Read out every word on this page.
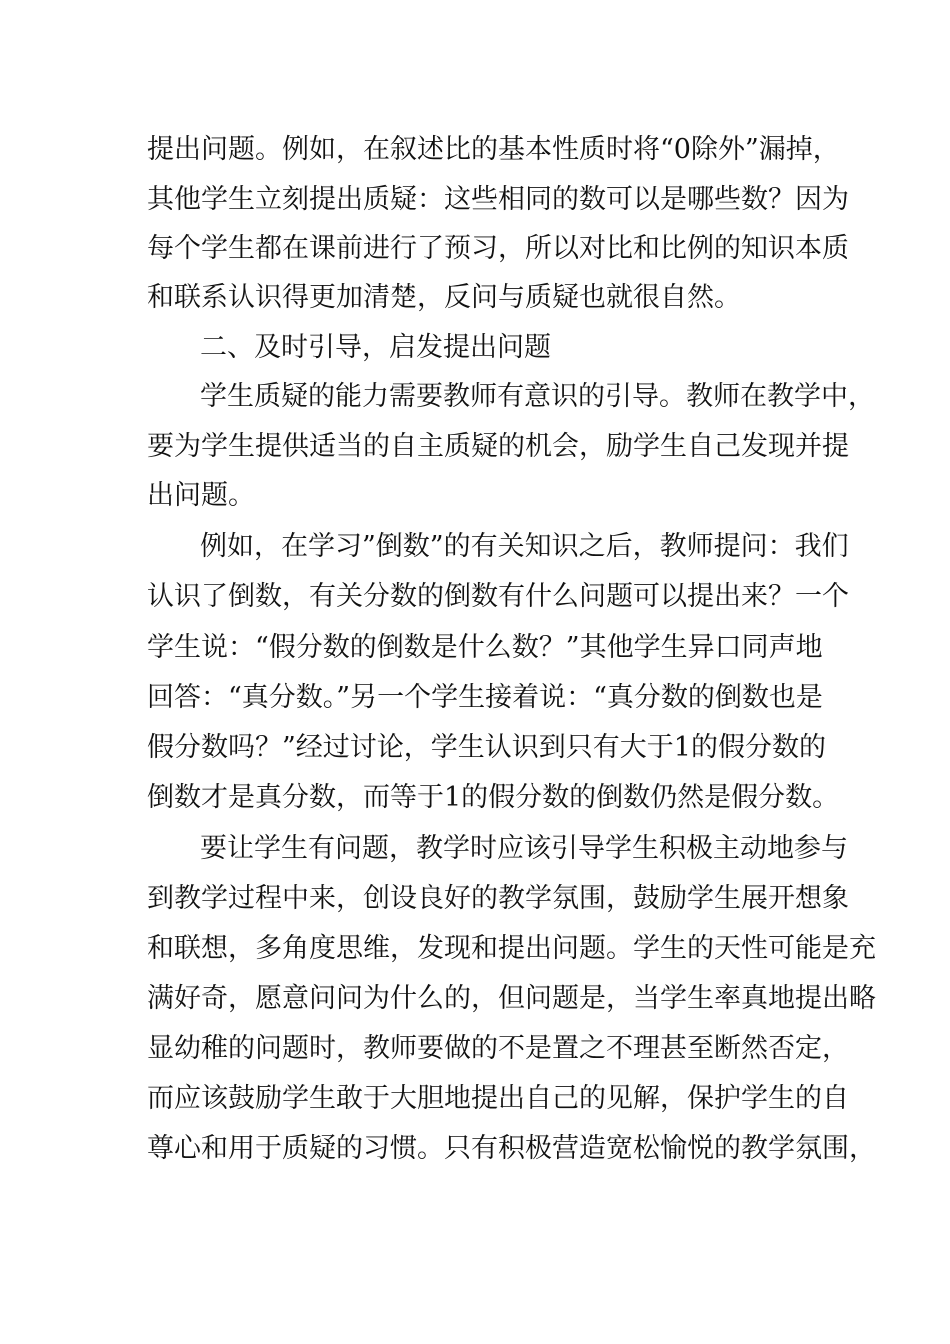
提出问题。例如，在叙述比的基本性质时将“0除外”漏掉，
其他学生立刻提出质疑：这些相同的数可以是哪些数？因为
每个学生都在课前进行了预习，所以对比和比例的知识本质
和联系认识得更加清楚，反问与质疑也就很自然。
二、及时引导，启发提出问题
学生质疑的能力需要教师有意识的引导。教师在教学中，
要为学生提供适当的自主质疑的机会，励学生自己发现并提
出问题。
例如，在学习”倒数”的有关知识之后，教师提问：我们
认识了倒数，有关分数的倒数有什么问题可以提出来？一个
学生说：“假分数的倒数是什么数？”其他学生异口同声地
回答：“真分数。”另一个学生接着说：“真分数的倒数也是
假分数吗？”经过讨论，学生认识到只有大于1的假分数的
倒数才是真分数，而等于1的假分数的倒数仍然是假分数。
要让学生有问题，教学时应该引导学生积极主动地参与
到教学过程中来，创设良好的教学氛围，鼓励学生展开想象
和联想，多角度思维，发现和提出问题。学生的天性可能是充
满好奇，愿意问问为什么的，但问题是，当学生率真地提出略
显幼稚的问题时，教师要做的不是置之不理甚至断然否定，
而应该鼓励学生敢于大胆地提出自己的见解，保护学生的自
尊心和用于质疑的习惯。只有积极营造宽松愉悦的教学氛围，
